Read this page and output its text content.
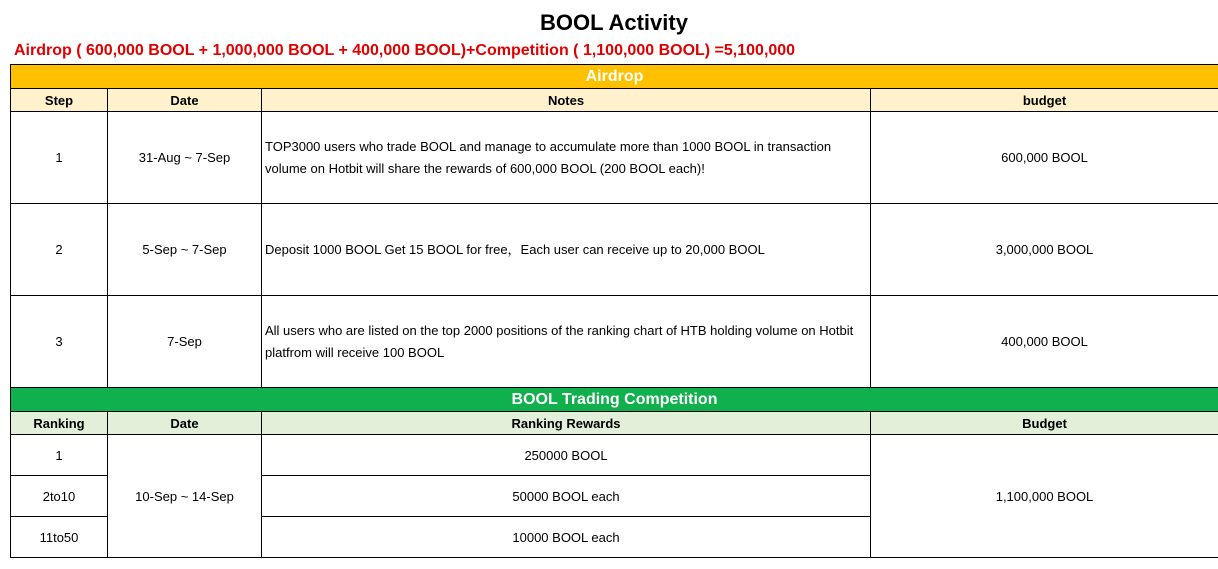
BOOL Activity
Airdrop ( 600,000 BOOL + 1,000,000 BOOL + 400,000 BOOL)+Competition ( 1,100,000 BOOL) =5,100,000
Airdrop			
Step	Date	Notes	budget
1	31-Aug ~ 7-Sep	TOP3000 users who trade BOOL and manage to accumulate more than 1000 BOOL in transaction volume on Hotbit will share the rewards of 600,000 BOOL (200 BOOL each)!	600,000 BOOL
2	5-Sep ~ 7-Sep	Deposit 1000 BOOL Get 15 BOOL for free，Each user can receive up to 20,000 BOOL	3,000,000 BOOL
3	7-Sep	All users who are listed on the top 2000 positions of the ranking chart of HTB holding volume on Hotbit platfrom will receive 100 BOOL	400,000 BOOL
BOOL Trading Competition			
Ranking	Date	Ranking Rewards	Budget
1	10-Sep ~ 14-Sep	250000 BOOL	1,100,000 BOOL
2to10		50000 BOOL each	
11to50		10000 BOOL each	
